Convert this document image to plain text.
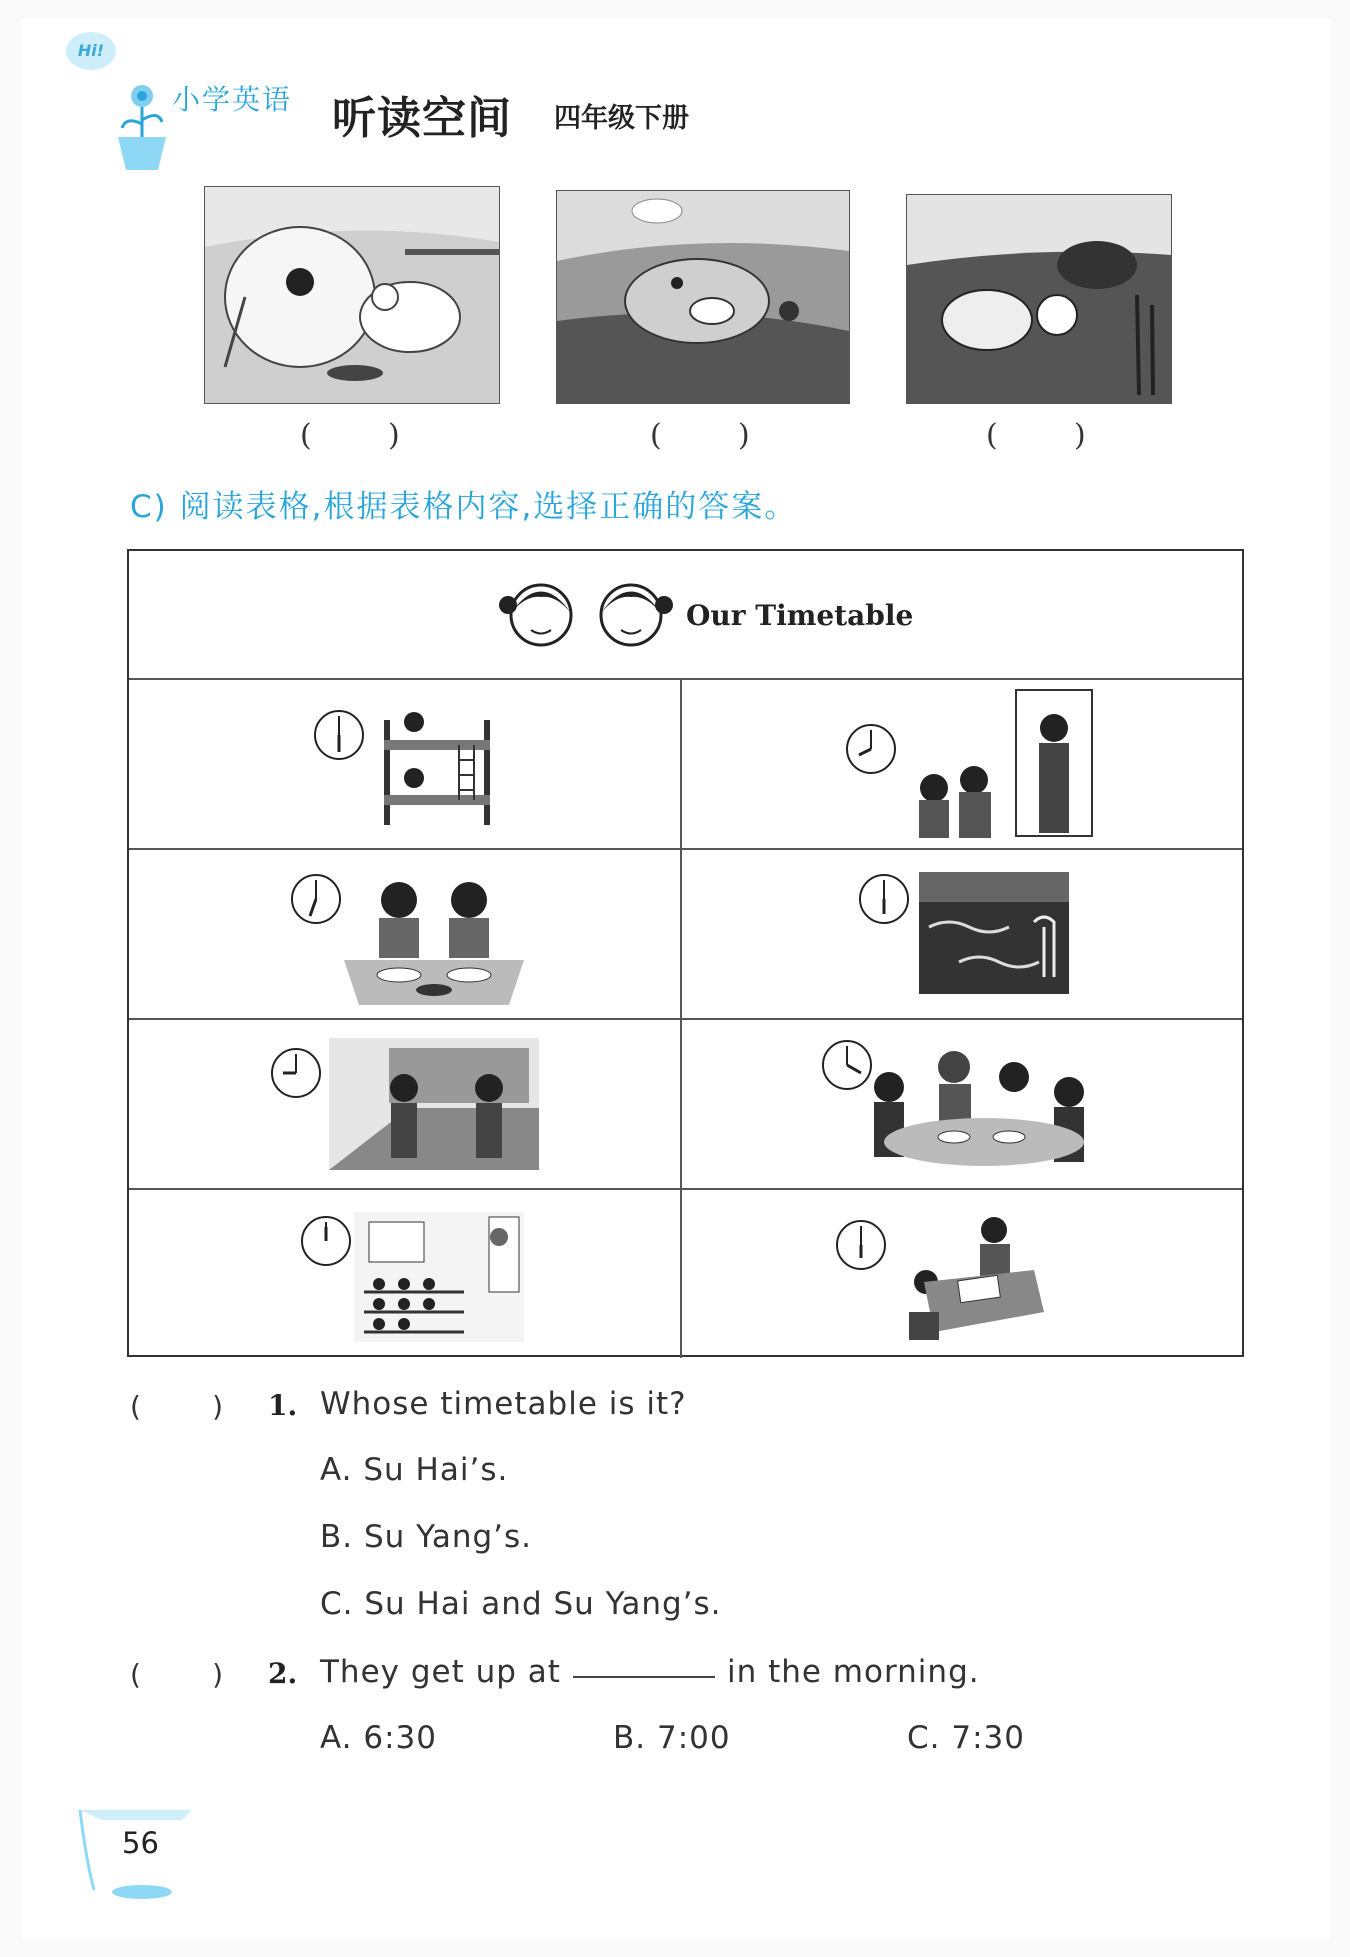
Hi!
小学英语 听读空间 四年级下册
(        )	(        )	(        )
C) 阅读表格,根据表格内容,选择正确的答案。
Our Timetable
(        ) 1. Whose timetable is it?
A. Su Hai’s.
B. Su Yang’s.
C. Su Hai and Su Yang’s.
(        ) 2. They get up at	in the morning.
A. 6:30	B. 7:00	C. 7:30
56
